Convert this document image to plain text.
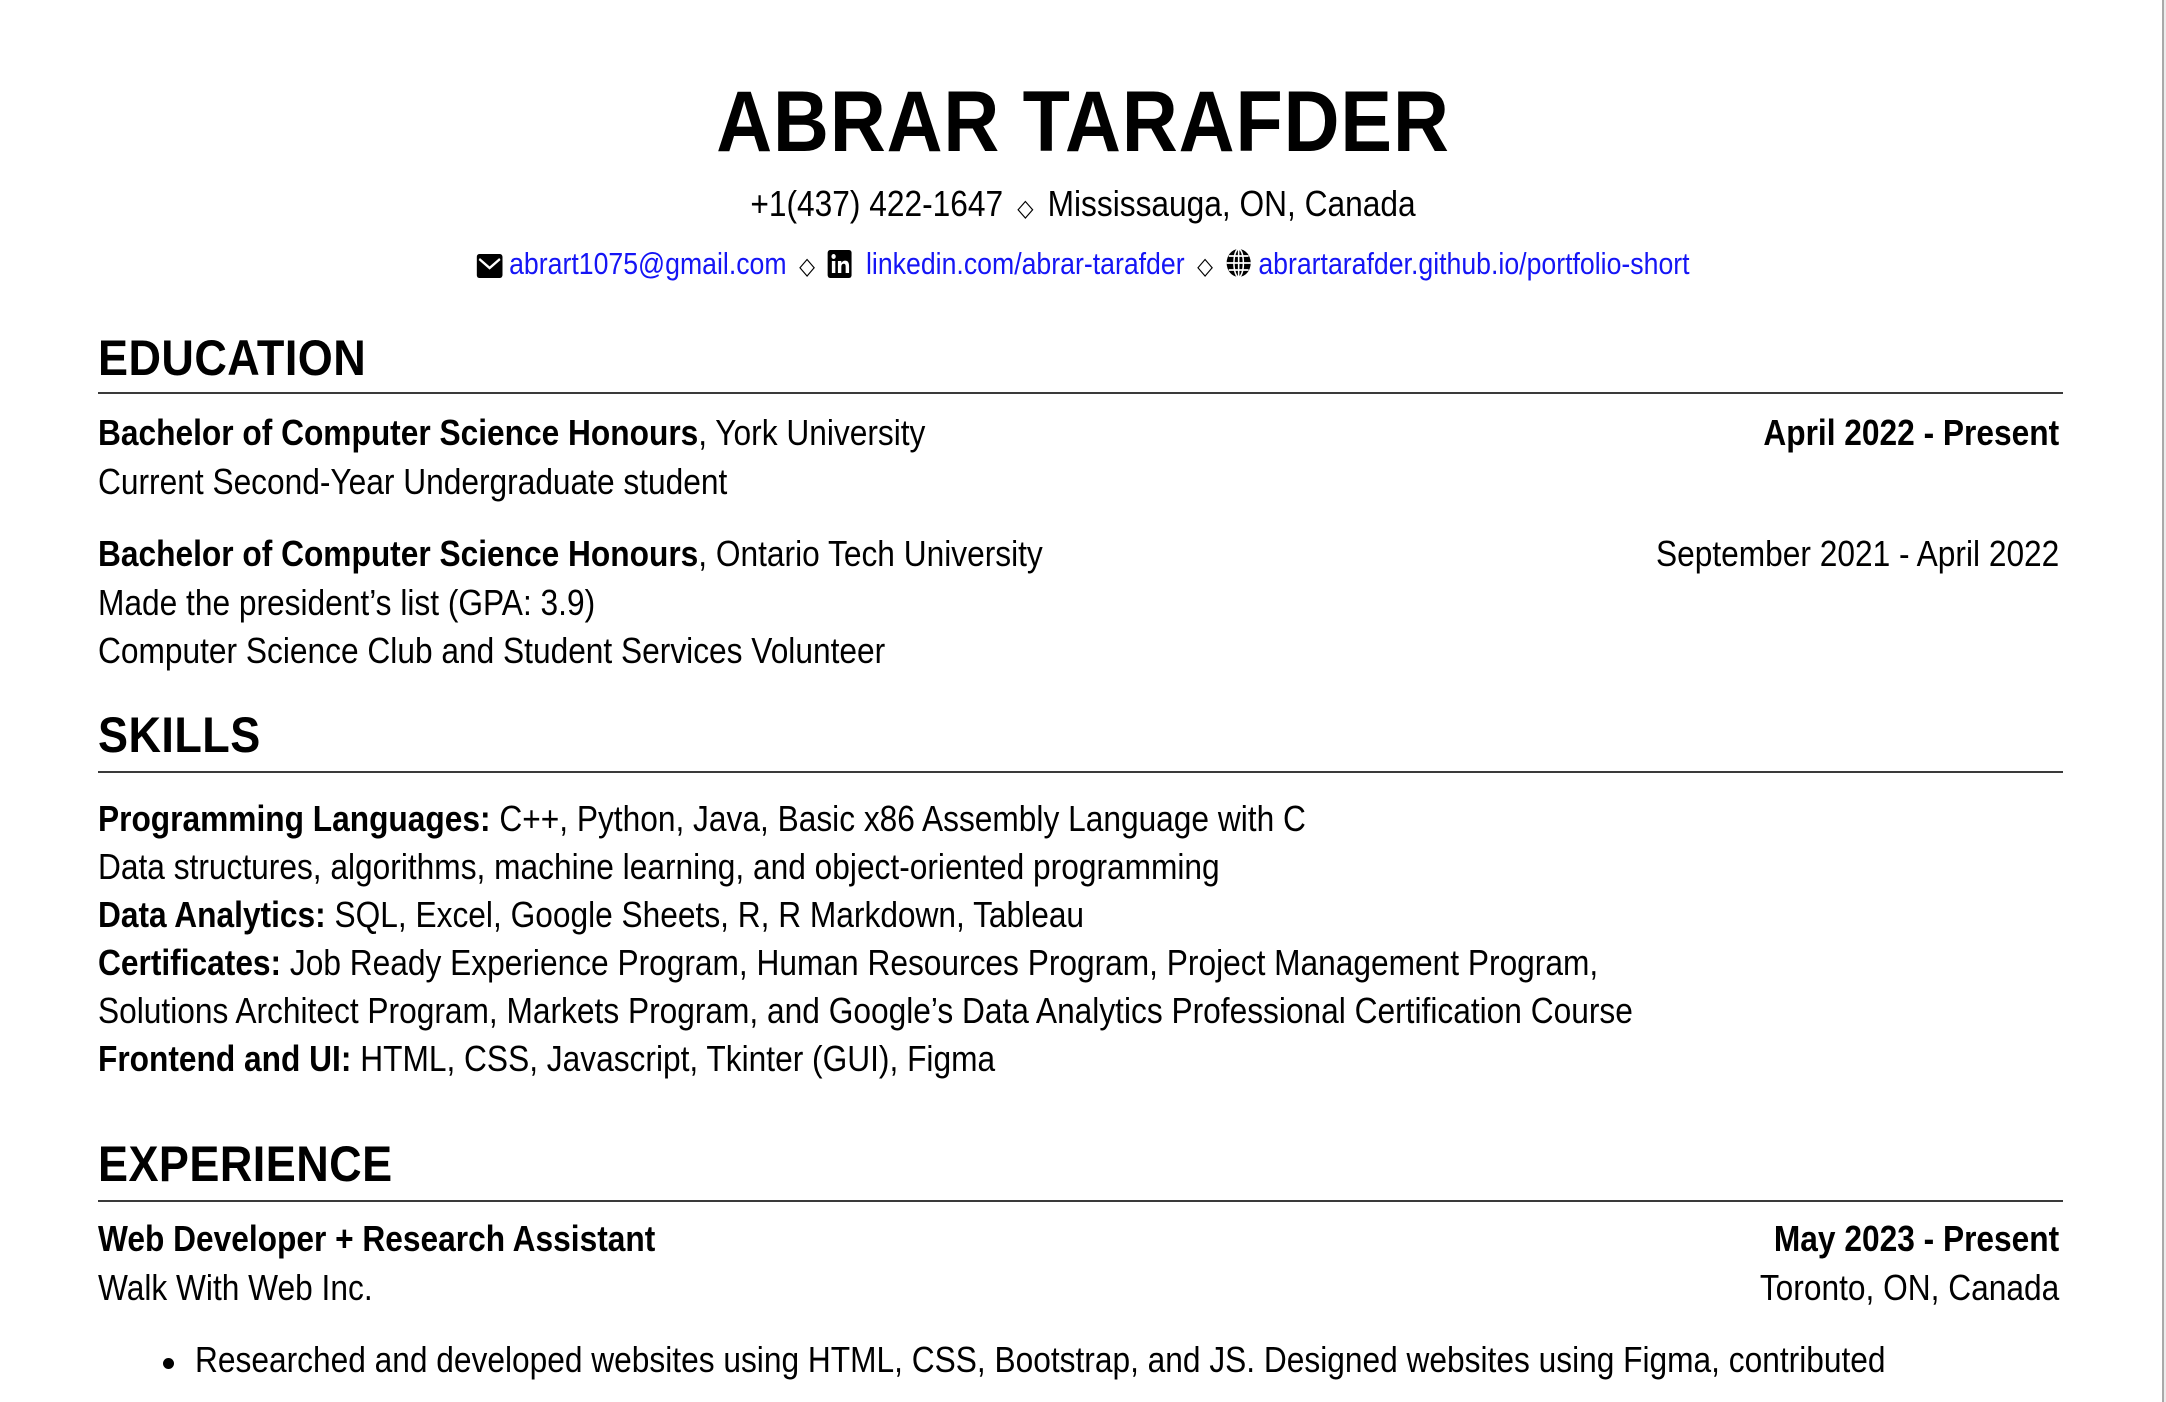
ABRAR TARAFDER
+1(437) 422-1647 ◇ Mississauga, ON, Canada
abrart1075@gmail.com ◇ linkedin.com/abrar-tarafder ◇ abrartarafder.github.io/portfolio-short
EDUCATION
Bachelor of Computer Science Honours, York University	April 2022 - Present
Current Second-Year Undergraduate student
Bachelor of Computer Science Honours, Ontario Tech University	September 2021 - April 2022
Made the president’s list (GPA: 3.9)
Computer Science Club and Student Services Volunteer
SKILLS
Programming Languages: C++, Python, Java, Basic x86 Assembly Language with C
Data structures, algorithms, machine learning, and object-oriented programming
Data Analytics: SQL, Excel, Google Sheets, R, R Markdown, Tableau
Certificates: Job Ready Experience Program, Human Resources Program, Project Management Program,
Solutions Architect Program, Markets Program, and Google’s Data Analytics Professional Certification Course
Frontend and UI: HTML, CSS, Javascript, Tkinter (GUI), Figma
EXPERIENCE
Web Developer + Research Assistant	May 2023 - Present
Walk With Web Inc.	Toronto, ON, Canada
Researched and developed websites using HTML, CSS, Bootstrap, and JS. Designed websites using Figma, contributed
